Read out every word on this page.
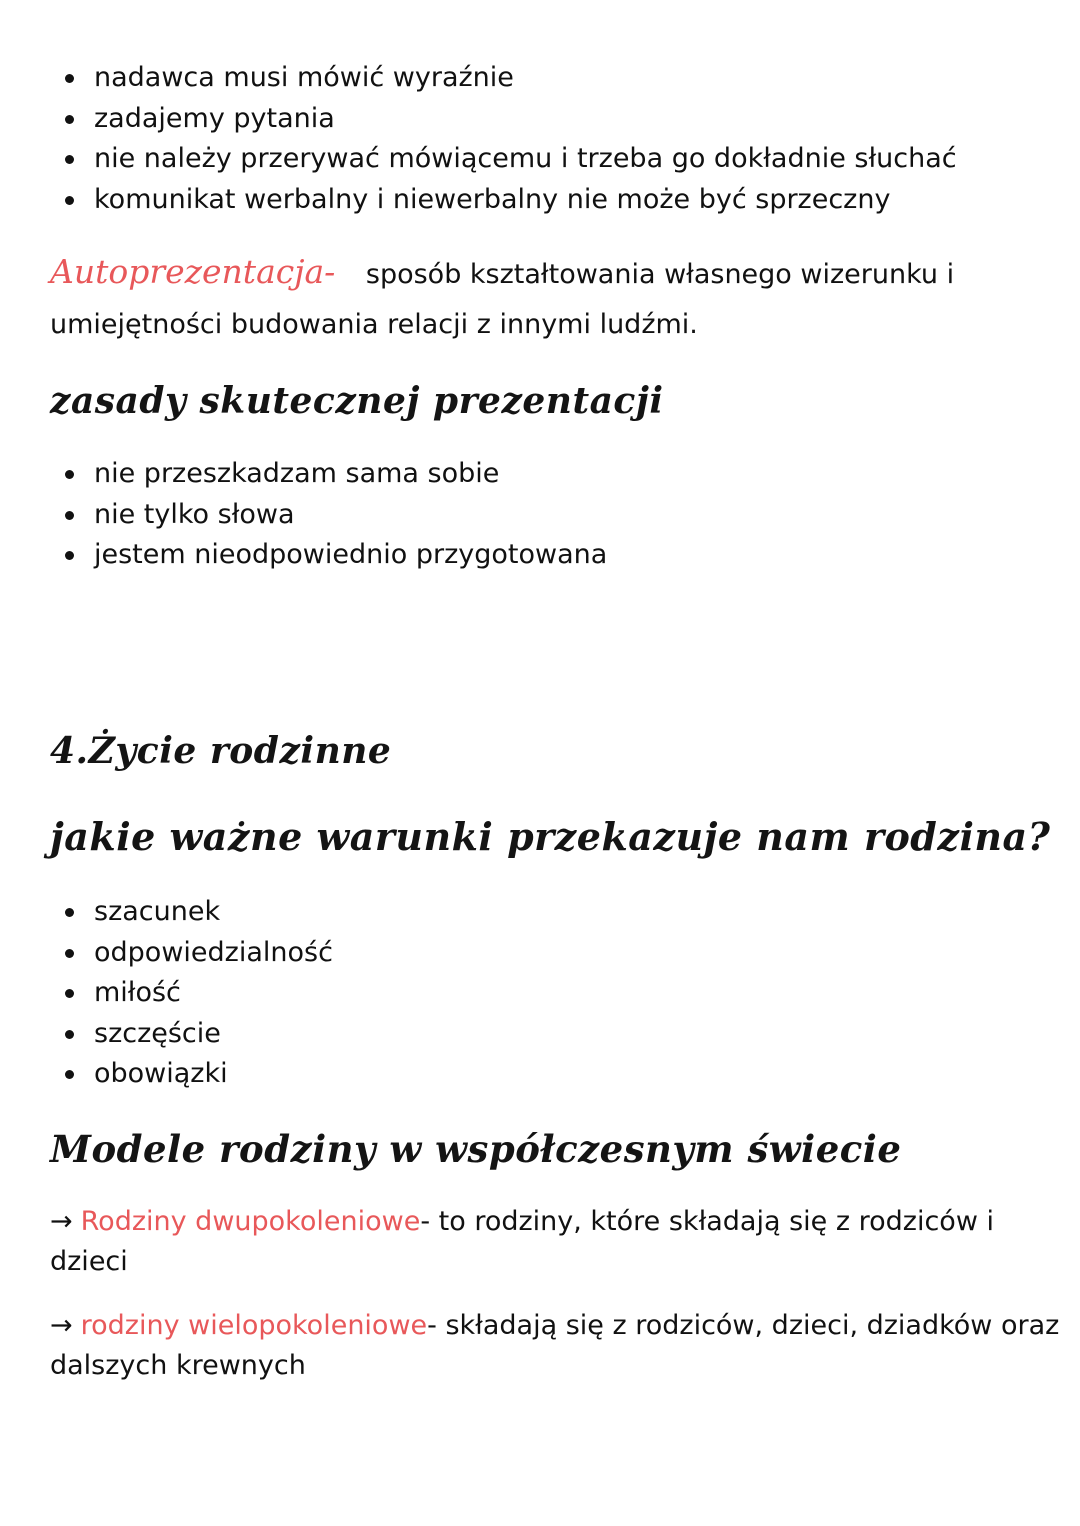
nadawca musi mówić wyraźnie
zadajemy pytania
nie należy przerywać mówiącemu i trzeba go dokładnie słuchać
komunikat werbalny i niewerbalny nie może być sprzeczny
Autoprezentacja- sposób kształtowania własnego wizerunku i
umiejętności budowania relacji z innymi ludźmi.
zasady skutecznej prezentacji
nie przeszkadzam sama sobie
nie tylko słowa
jestem nieodpowiednio przygotowana
4.Życie rodzinne
jakie ważne warunki przekazuje nam rodzina?
szacunek
odpowiedzialność
miłość
szczęście
obowiązki
Modele rodziny w współczesnym świecie
→ Rodziny dwupokoleniowe- to rodziny, które składają się z rodziców i
dzieci
→ rodziny wielopokoleniowe- składają się z rodziców, dzieci, dziadków oraz
dalszych krewnych
